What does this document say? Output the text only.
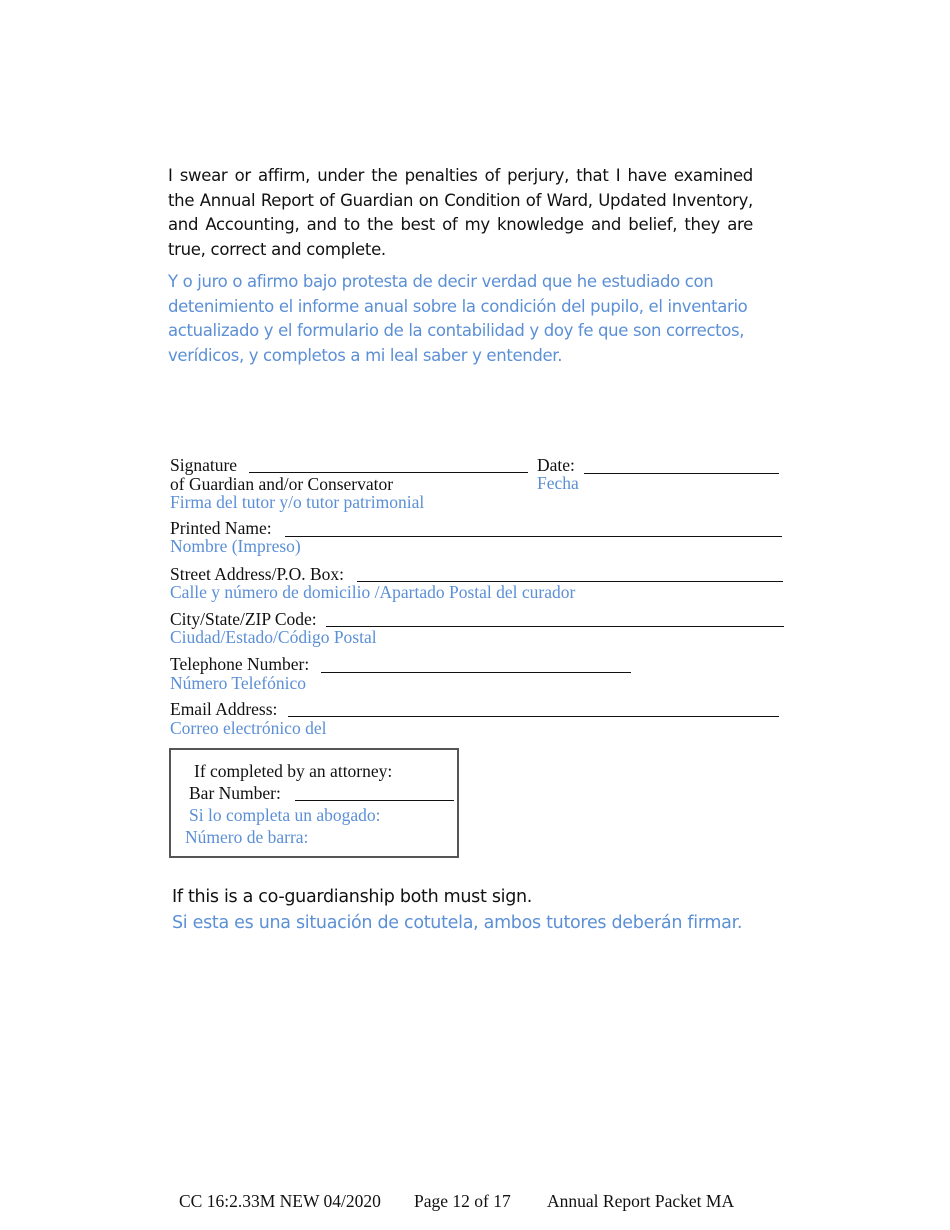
I swear or affirm, under the penalties of perjury, that I have examined the Annual Report of Guardian on Condition of Ward, Updated Inventory, and Accounting, and to the best of my knowledge and belief, they are true, correct and complete.
Y o juro o afirmo bajo protesta de decir verdad que he estudiado con detenimiento el informe anual sobre la condición del pupilo, el inventario actualizado y el formulario de la contabilidad y doy fe que son correctos, verídicos, y completos a mi leal saber y entender.
Signature
of Guardian and/or Conservator
Firma del tutor y/o tutor patrimonial
Date:
Fecha
Printed Name:
Nombre (Impreso)
Street Address/P.O. Box:
Calle y número de domicilio /Apartado Postal del curador
City/State/ZIP Code:
Ciudad/Estado/Código Postal
Telephone Number:
Número Telefónico
Email Address:
Correo electrónico del
If completed by an attorney:
Bar Number:
Si lo completa un abogado:
Número de barra:
If this is a co-guardianship both must sign.
Si esta es una situación de cotutela, ambos tutores deberán firmar.
CC 16:2.33M NEW 04/2020 Page 12 of 17 Annual Report Packet MA
